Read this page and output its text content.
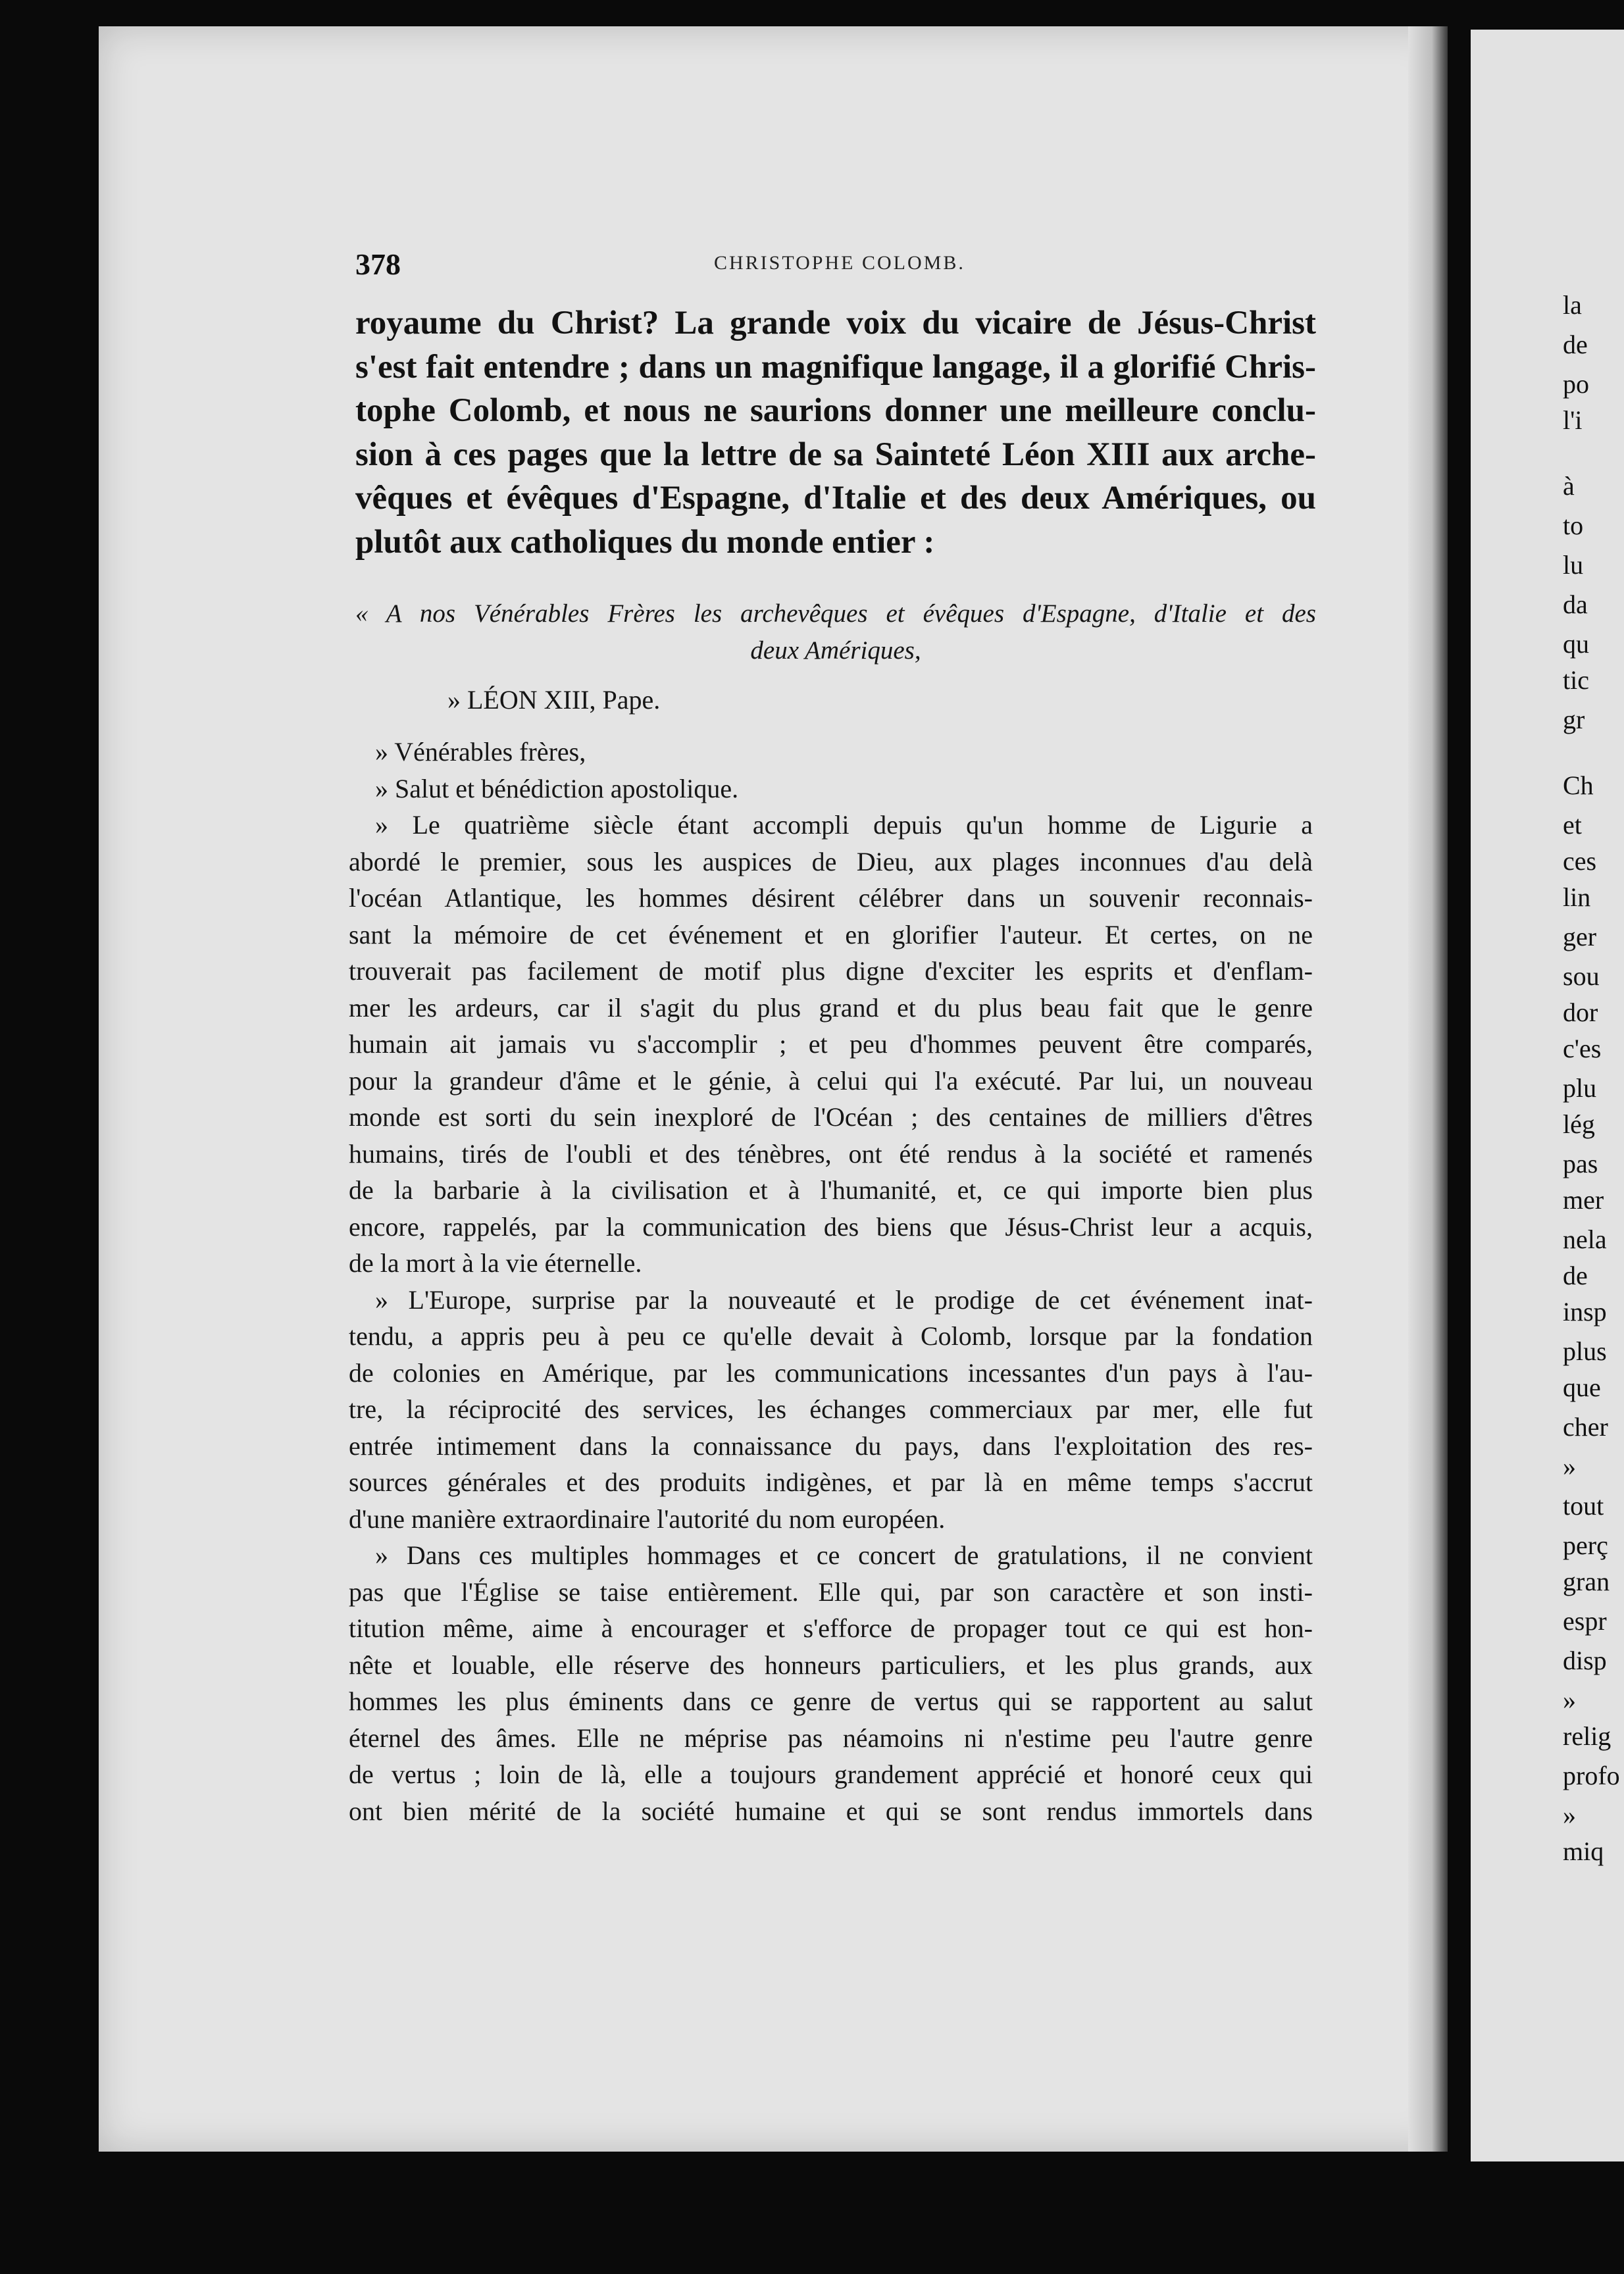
la
de
po
l'i
à
to
lu
da
qu
tic
gr
Ch
et
ces
lin
ger
sou
dor
c'es
plu
lég
pas
mer
nela
de
insp
plus
que
cher
»
tout
perç
gran
espr
disp
»
relig
profo
»
miq
378	CHRISTOPHE COLOMB.
royaume du Christ? La grande voix du vicaire de Jésus-Christ
s'est fait entendre ; dans un magnifique langage, il a glorifié Chris-
tophe Colomb, et nous ne saurions donner une meilleure conclu-
sion à ces pages que la lettre de sa Sainteté Léon XIII aux arche-
vêques et évêques d'Espagne, d'Italie et des deux Amériques, ou
plutôt aux catholiques du monde entier :
« A nos Vénérables Frères les archevêques et évêques d'Espagne, d'Italie et des
deux Amériques,
» LÉON XIII, Pape.
» Vénérables frères,
» Salut et bénédiction apostolique.
» Le quatrième siècle étant accompli depuis qu'un homme de Ligurie a
abordé le premier, sous les auspices de Dieu, aux plages inconnues d'au delà
l'océan Atlantique, les hommes désirent célébrer dans un souvenir reconnais-
sant la mémoire de cet événement et en glorifier l'auteur. Et certes, on ne
trouverait pas facilement de motif plus digne d'exciter les esprits et d'enflam-
mer les ardeurs, car il s'agit du plus grand et du plus beau fait que le genre
humain ait jamais vu s'accomplir ; et peu d'hommes peuvent être comparés,
pour la grandeur d'âme et le génie, à celui qui l'a exécuté. Par lui, un nouveau
monde est sorti du sein inexploré de l'Océan ; des centaines de milliers d'êtres
humains, tirés de l'oubli et des ténèbres, ont été rendus à la société et ramenés
de la barbarie à la civilisation et à l'humanité, et, ce qui importe bien plus
encore, rappelés, par la communication des biens que Jésus-Christ leur a acquis,
de la mort à la vie éternelle.
» L'Europe, surprise par la nouveauté et le prodige de cet événement inat-
tendu, a appris peu à peu ce qu'elle devait à Colomb, lorsque par la fondation
de colonies en Amérique, par les communications incessantes d'un pays à l'au-
tre, la réciprocité des services, les échanges commerciaux par mer, elle fut
entrée intimement dans la connaissance du pays, dans l'exploitation des res-
sources générales et des produits indigènes, et par là en même temps s'accrut
d'une manière extraordinaire l'autorité du nom européen.
» Dans ces multiples hommages et ce concert de gratulations, il ne convient
pas que l'Église se taise entièrement. Elle qui, par son caractère et son insti-
titution même, aime à encourager et s'efforce de propager tout ce qui est hon-
nête et louable, elle réserve des honneurs particuliers, et les plus grands, aux
hommes les plus éminents dans ce genre de vertus qui se rapportent au salut
éternel des âmes. Elle ne méprise pas néamoins ni n'estime peu l'autre genre
de vertus ; loin de là, elle a toujours grandement apprécié et honoré ceux qui
ont bien mérité de la société humaine et qui se sont rendus immortels dans
